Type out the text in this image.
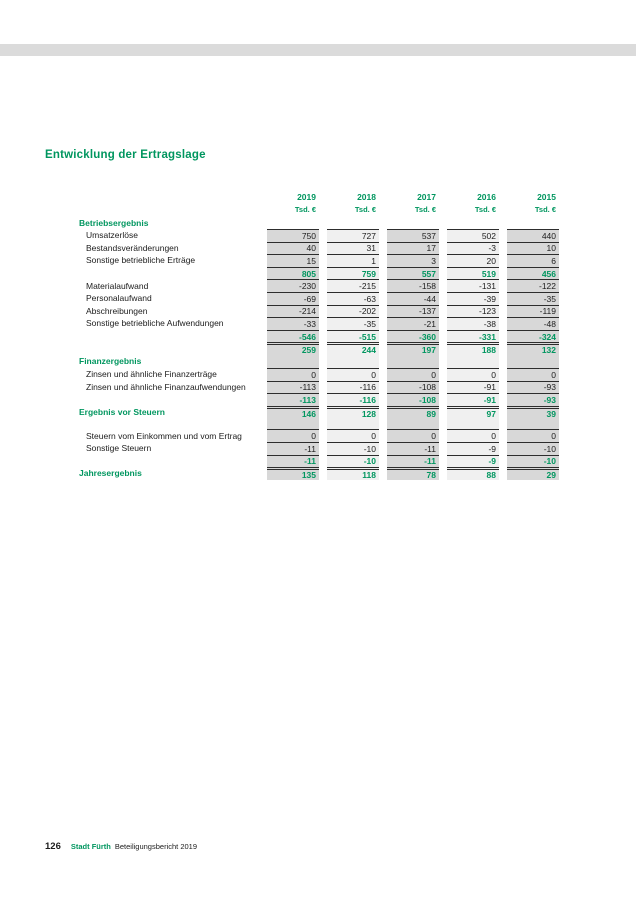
Entwicklung der Ertragslage
2019	2018	2017	2016	2015
Tsd. €	Tsd. €	Tsd. €	Tsd. €	Tsd. €
Betriebsergebnis
Umsatzerlöse	750	727	537	502	440
Bestandsveränderungen	40	31	17	-3	10
Sonstige betriebliche Erträge	15	1	3	20	6
805	759	557	519	456
Materialaufwand	-230	-215	-158	-131	-122
Personalaufwand	-69	-63	-44	-39	-35
Abschreibungen	-214	-202	-137	-123	-119
Sonstige betriebliche Aufwendungen	-33	-35	-21	-38	-48
-546	-515	-360	-331	-324
259	244	197	188	132
Finanzergebnis
Zinsen und ähnliche Finanzerträge	0	0	0	0	0
Zinsen und ähnliche Finanzaufwendungen	-113	-116	-108	-91	-93
-113	-116	-108	-91	-93
Ergebnis vor Steuern	146	128	89	97	39
Steuern vom Einkommen und vom Ertrag	0	0	0	0	0
Sonstige Steuern	-11	-10	-11	-9	-10
-11	-10	-11	-9	-10
Jahresergebnis	135	118	78	88	29
126 Stadt Fürth Beteiligungsbericht 2019
